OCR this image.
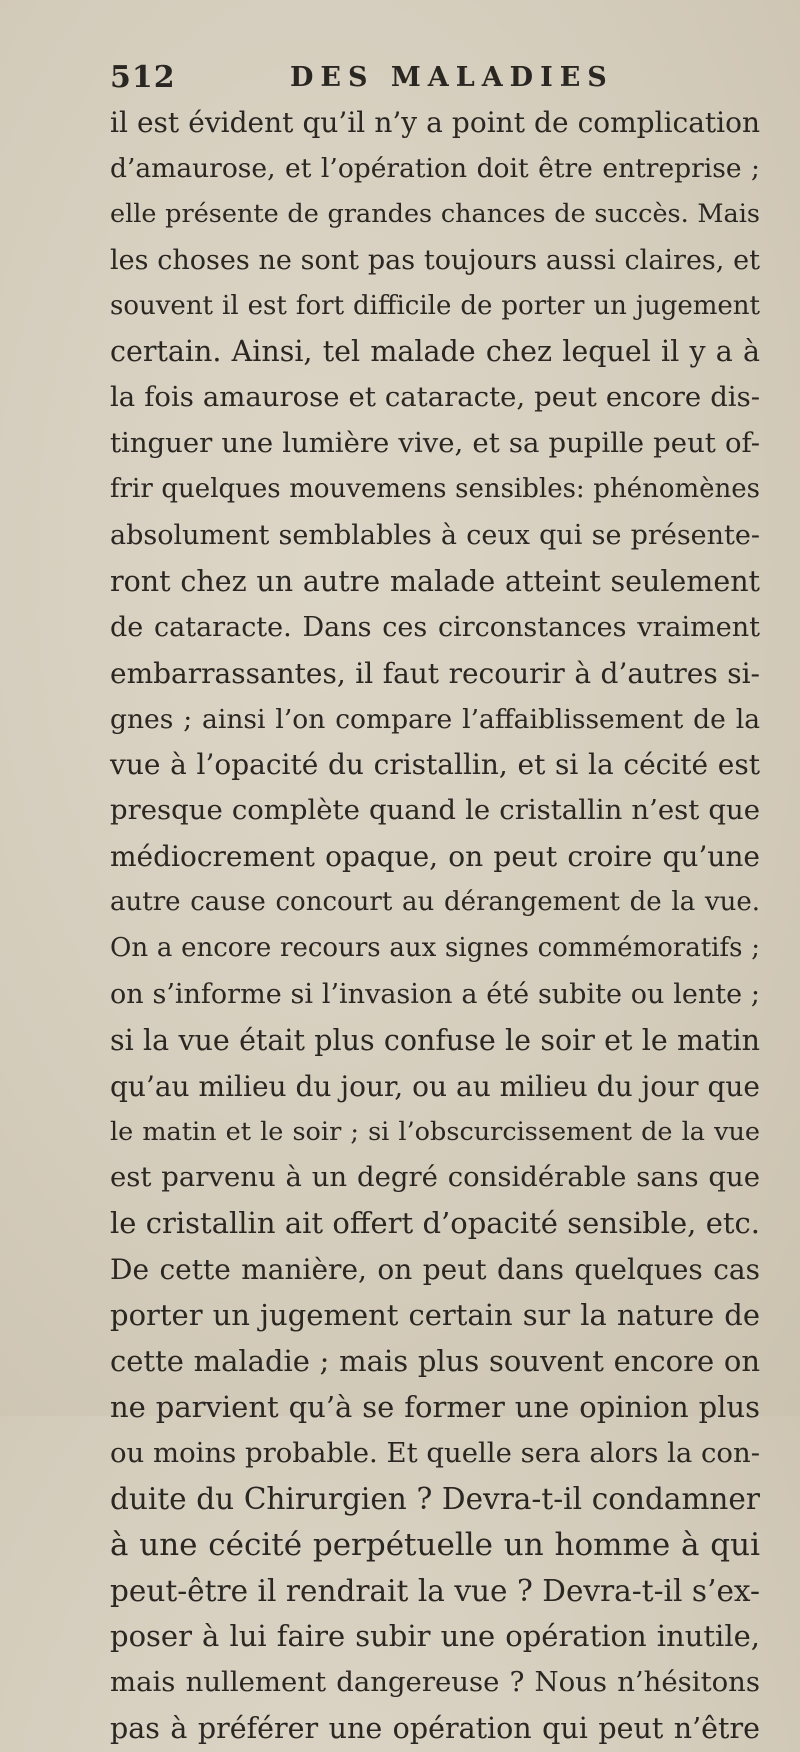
512	DES MALADIES
il est évident qu’il n’y a point de complication
d’amaurose, et l’opération doit être entreprise ;
elle présente de grandes chances de succès. Mais
les choses ne sont pas toujours aussi claires, et
souvent il est fort difficile de porter un jugement
certain. Ainsi, tel malade chez lequel il y a à
la fois amaurose et cataracte, peut encore dis-
tinguer une lumière vive, et sa pupille peut of-
frir quelques mouvemens sensibles: phénomènes
absolument semblables à ceux qui se présente-
ront chez un autre malade atteint seulement
de cataracte. Dans ces circonstances vraiment
embarrassantes, il faut recourir à d’autres si-
gnes ; ainsi l’on compare l’affaiblissement de la
vue à l’opacité du cristallin, et si la cécité est
presque complète quand le cristallin n’est que
médiocrement opaque, on peut croire qu’une
autre cause concourt au dérangement de la vue.
On a encore recours aux signes commémoratifs ;
on s’informe si l’invasion a été subite ou lente ;
si la vue était plus confuse le soir et le matin
qu’au milieu du jour, ou au milieu du jour que
le matin et le soir ; si l’obscurcissement de la vue
est parvenu à un degré considérable sans que
le cristallin ait offert d’opacité sensible, etc.
De cette manière, on peut dans quelques cas
porter un jugement certain sur la nature de
cette maladie ; mais plus souvent encore on
ne parvient qu’à se former une opinion plus
ou moins probable. Et quelle sera alors la con-
duite du Chirurgien ? Devra-t-il condamner
à une cécité perpétuelle un homme à qui
peut-être il rendrait la vue ? Devra-t-il s’ex-
poser à lui faire subir une opération inutile,
mais nullement dangereuse ? Nous n’hésitons
pas à préférer une opération qui peut n’être
